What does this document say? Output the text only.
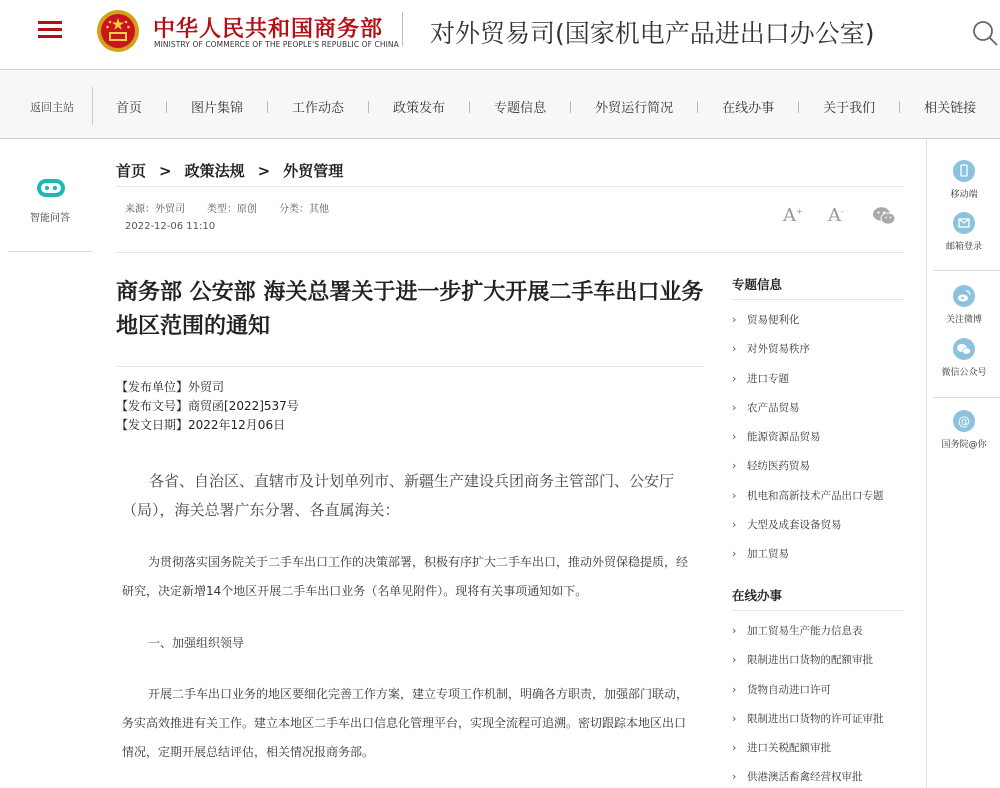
中华人民共和国商务部
MINISTRY OF COMMERCE OF THE PEOPLE'S REPUBLIC OF CHINA 对外贸易司(国家机电产品进出口办公室)
返回主站	首页	图片集锦	工作动态	政策发布	专题信息	外贸运行简况	在线办事	关于我们	相关链接
智能问答
移动端
邮箱登录
关注微博
微信公众号
@
国务院@你
首页 > 政策法规 > 外贸管理
来源：外贸司 类型：原创 分类：其他
2022-12-06 11:10
A+ A-
商务部 公安部 海关总署关于进一步扩大开展二手车出口业务地区范围的通知
【发布单位】外贸司
【发布文号】商贸函[2022]537号
【发文日期】2022年12月06日

各省、自治区、直辖市及计划单列市、新疆生产建设兵团商务主管部门、公安厅（局），海关总署广东分署、各直属海关：

为贯彻落实国务院关于二手车出口工作的决策部署，积极有序扩大二手车出口，推动外贸保稳提质，经研究，决定新增14个地区开展二手车出口业务（名单见附件）。现将有关事项通知如下。

一、加强组织领导

开展二手车出口业务的地区要细化完善工作方案，建立专项工作机制，明确各方职责，加强部门联动，务实高效推进有关工作。建立本地区二手车出口信息化管理平台，实现全流程可追溯。密切跟踪本地区出口情况，定期开展总结评估，相关情况报商务部。

专题信息
›	贸易便利化
›	对外贸易秩序
›	进口专题
›	农产品贸易
›	能源资源品贸易
›	轻纺医药贸易
›	机电和高新技术产品出口专题
›	大型及成套设备贸易
›	加工贸易
在线办事
›	加工贸易生产能力信息表
›	限制进出口货物的配额审批
›	货物自动进口许可
›	限制进出口货物的许可证审批
›	进口关税配额审批
›	供港澳活畜禽经营权审批
